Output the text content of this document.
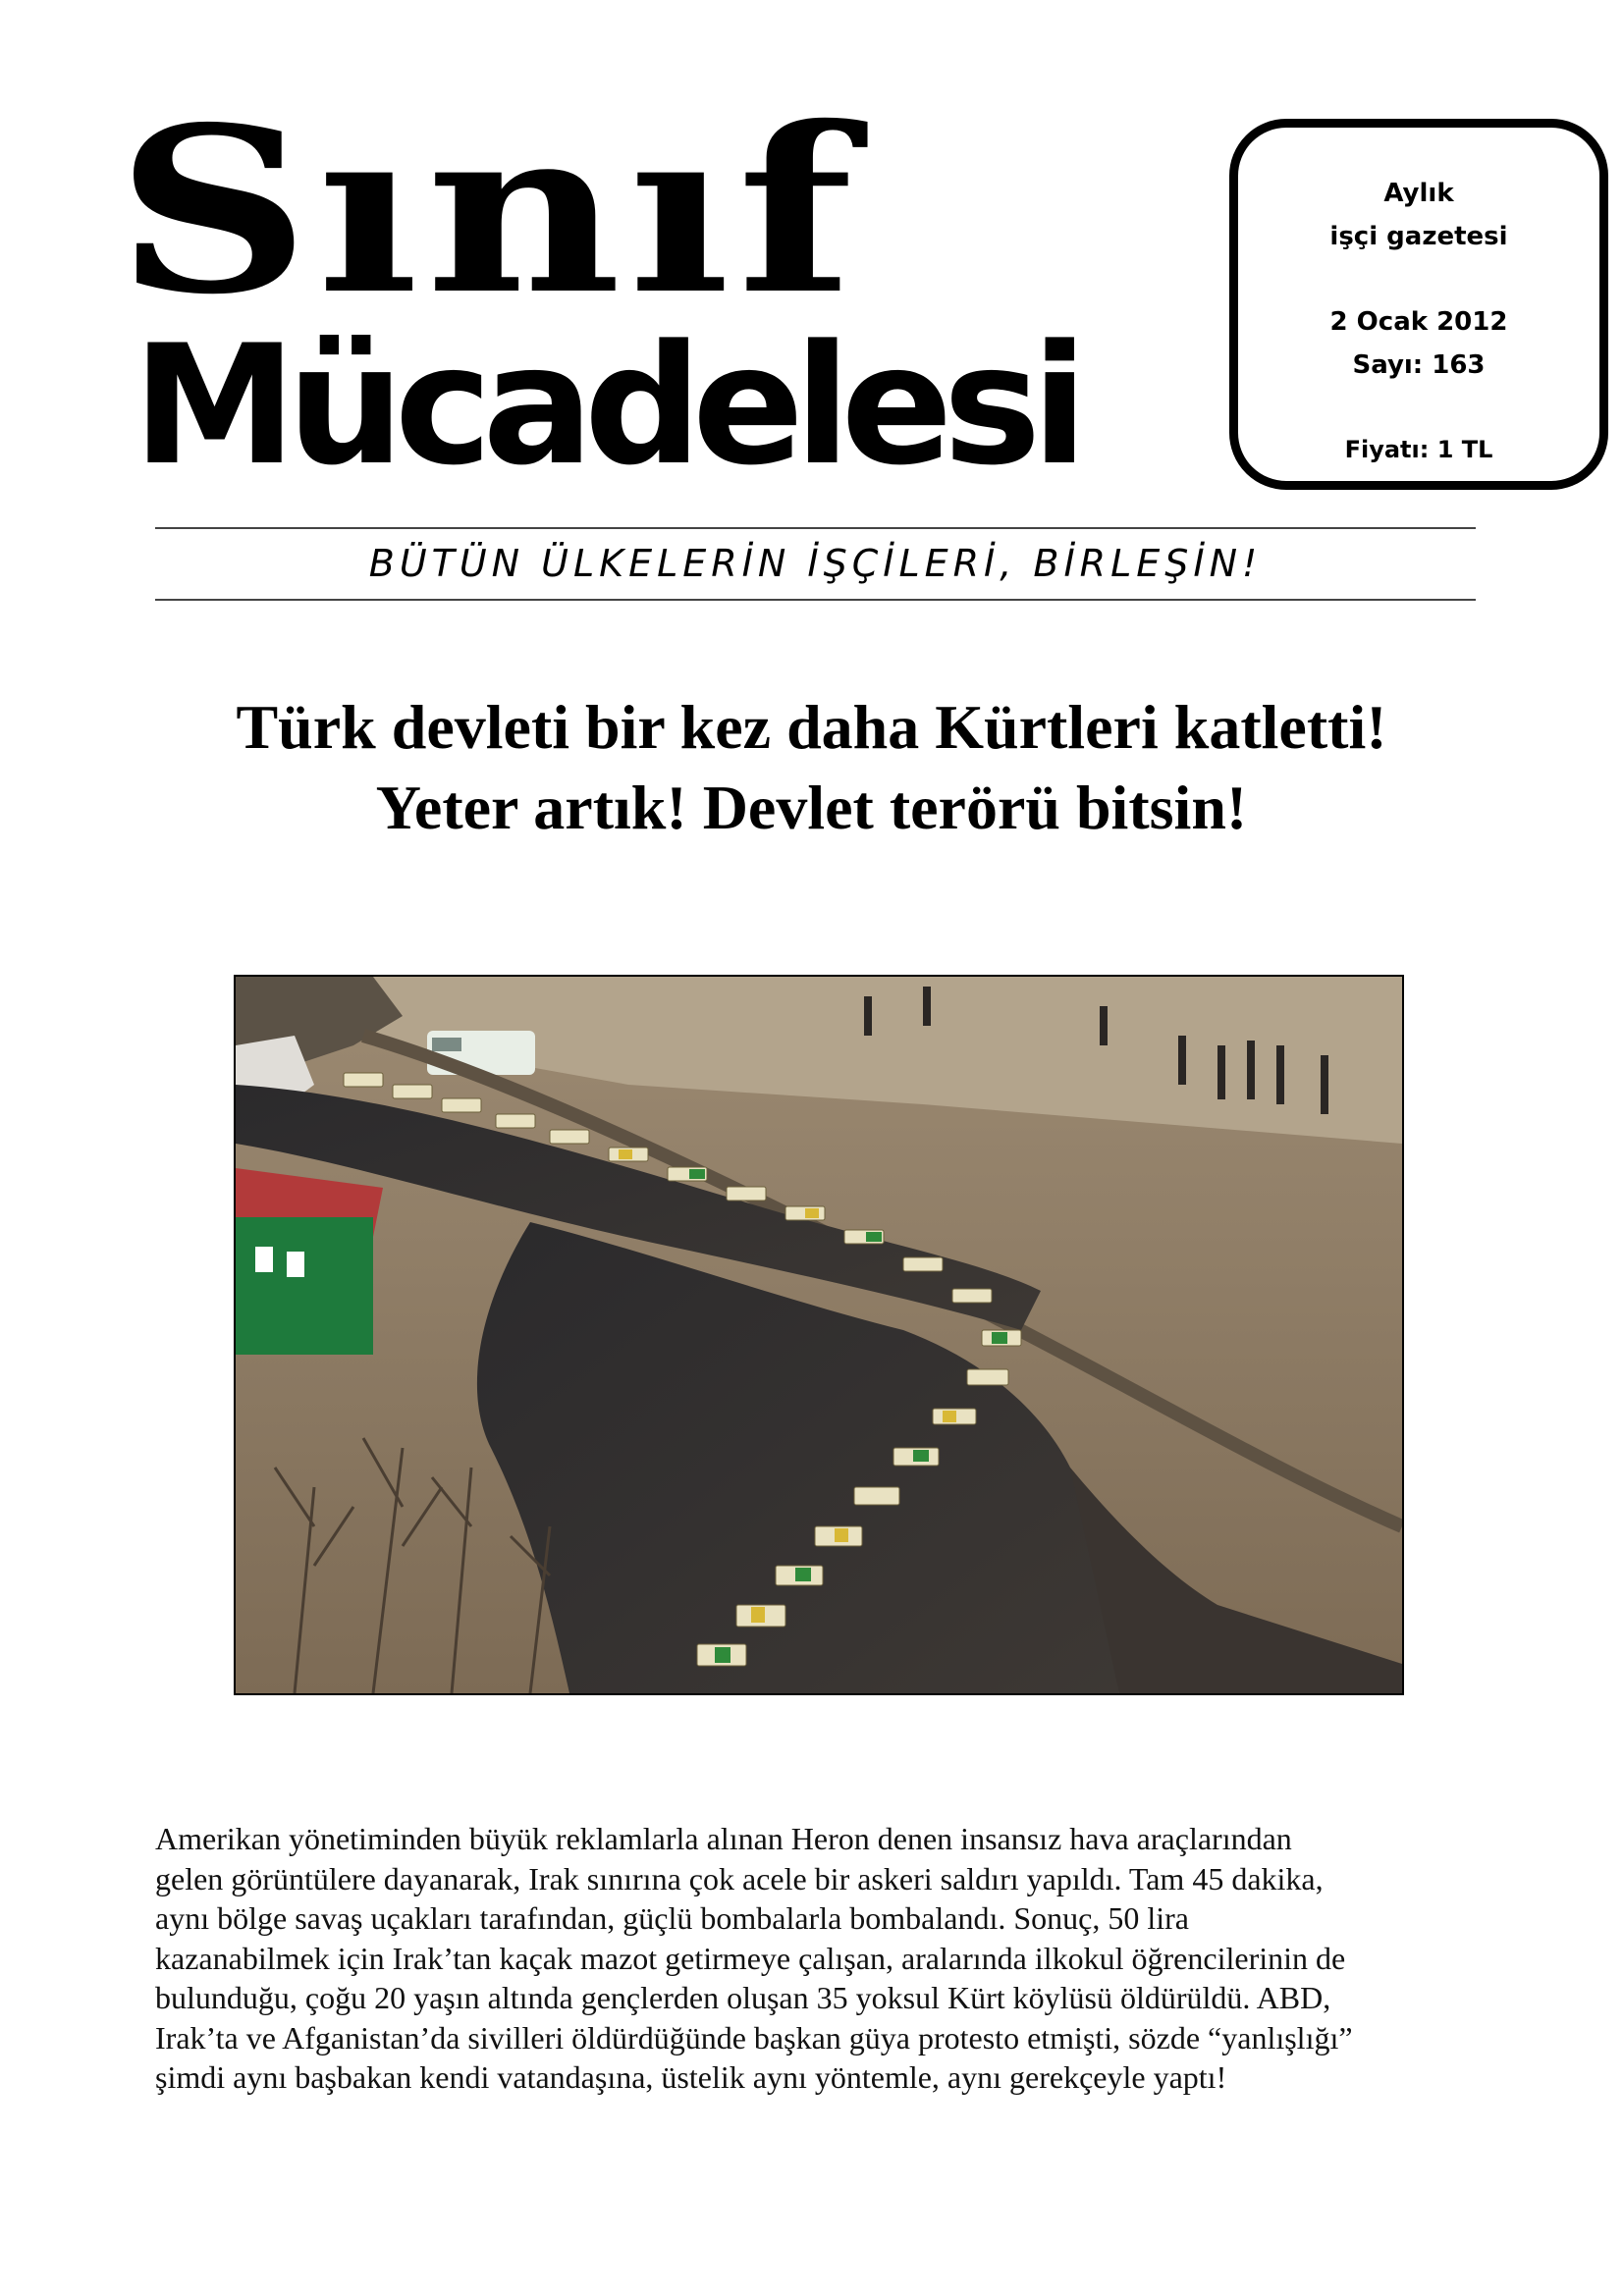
Sınıf
Mücadelesi
Aylık
işçi gazetesi
2 Ocak 2012
Sayı: 163
Fiyatı: 1 TL
BÜTÜN ÜLKELERİN İŞÇİLERİ, BİRLEŞİN!
Türk devleti bir kez daha Kürtleri katletti!
Yeter artık! Devlet terörü bitsin!
Amerikan yönetiminden büyük reklamlarla alınan Heron denen insansız hava araçlarından
gelen görüntülere dayanarak, Irak sınırına çok acele bir askeri saldırı yapıldı. Tam 45 dakika,
aynı bölge savaş uçakları tarafından, güçlü bombalarla bombalandı. Sonuç, 50 lira
kazanabilmek için Irak’tan kaçak mazot getirmeye çalışan, aralarında ilkokul öğrencilerinin de
bulunduğu, çoğu 20 yaşın altında gençlerden oluşan 35 yoksul Kürt köylüsü öldürüldü. ABD,
Irak’ta ve Afganistan’da sivilleri öldürdüğünde başkan güya protesto etmişti, sözde “yanlışlığı”
şimdi aynı başbakan kendi vatandaşına, üstelik aynı yöntemle, aynı gerekçeyle yaptı!
